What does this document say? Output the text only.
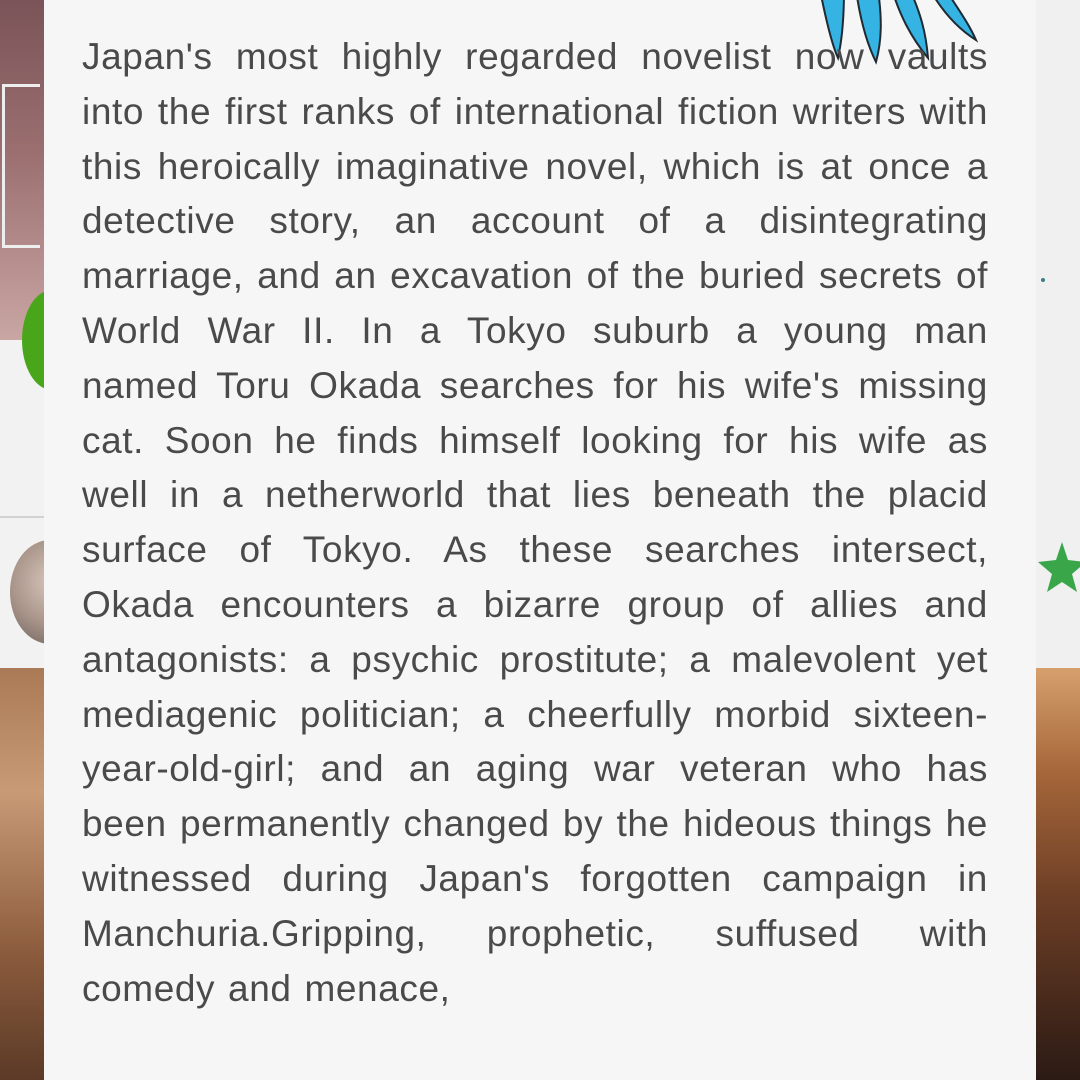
Japan's most highly regarded novelist now vaults into the first ranks of international fiction writers with this heroically imaginative novel, which is at once a detective story, an account of a disintegrating marriage, and an excavation of the buried secrets of World War II. In a Tokyo suburb a young man named Toru Okada searches for his wife's missing cat. Soon he finds himself looking for his wife as well in a netherworld that lies beneath the placid surface of Tokyo. As these searches intersect, Okada encounters a bizarre group of allies and antagonists: a psychic prostitute; a malevolent yet mediagenic politician; a cheerfully morbid sixteen-year-old-girl; and an aging war veteran who has been permanently changed by the hideous things he witnessed during Japan's forgotten campaign in Manchuria.Gripping, prophetic, suffused with comedy and menace,
